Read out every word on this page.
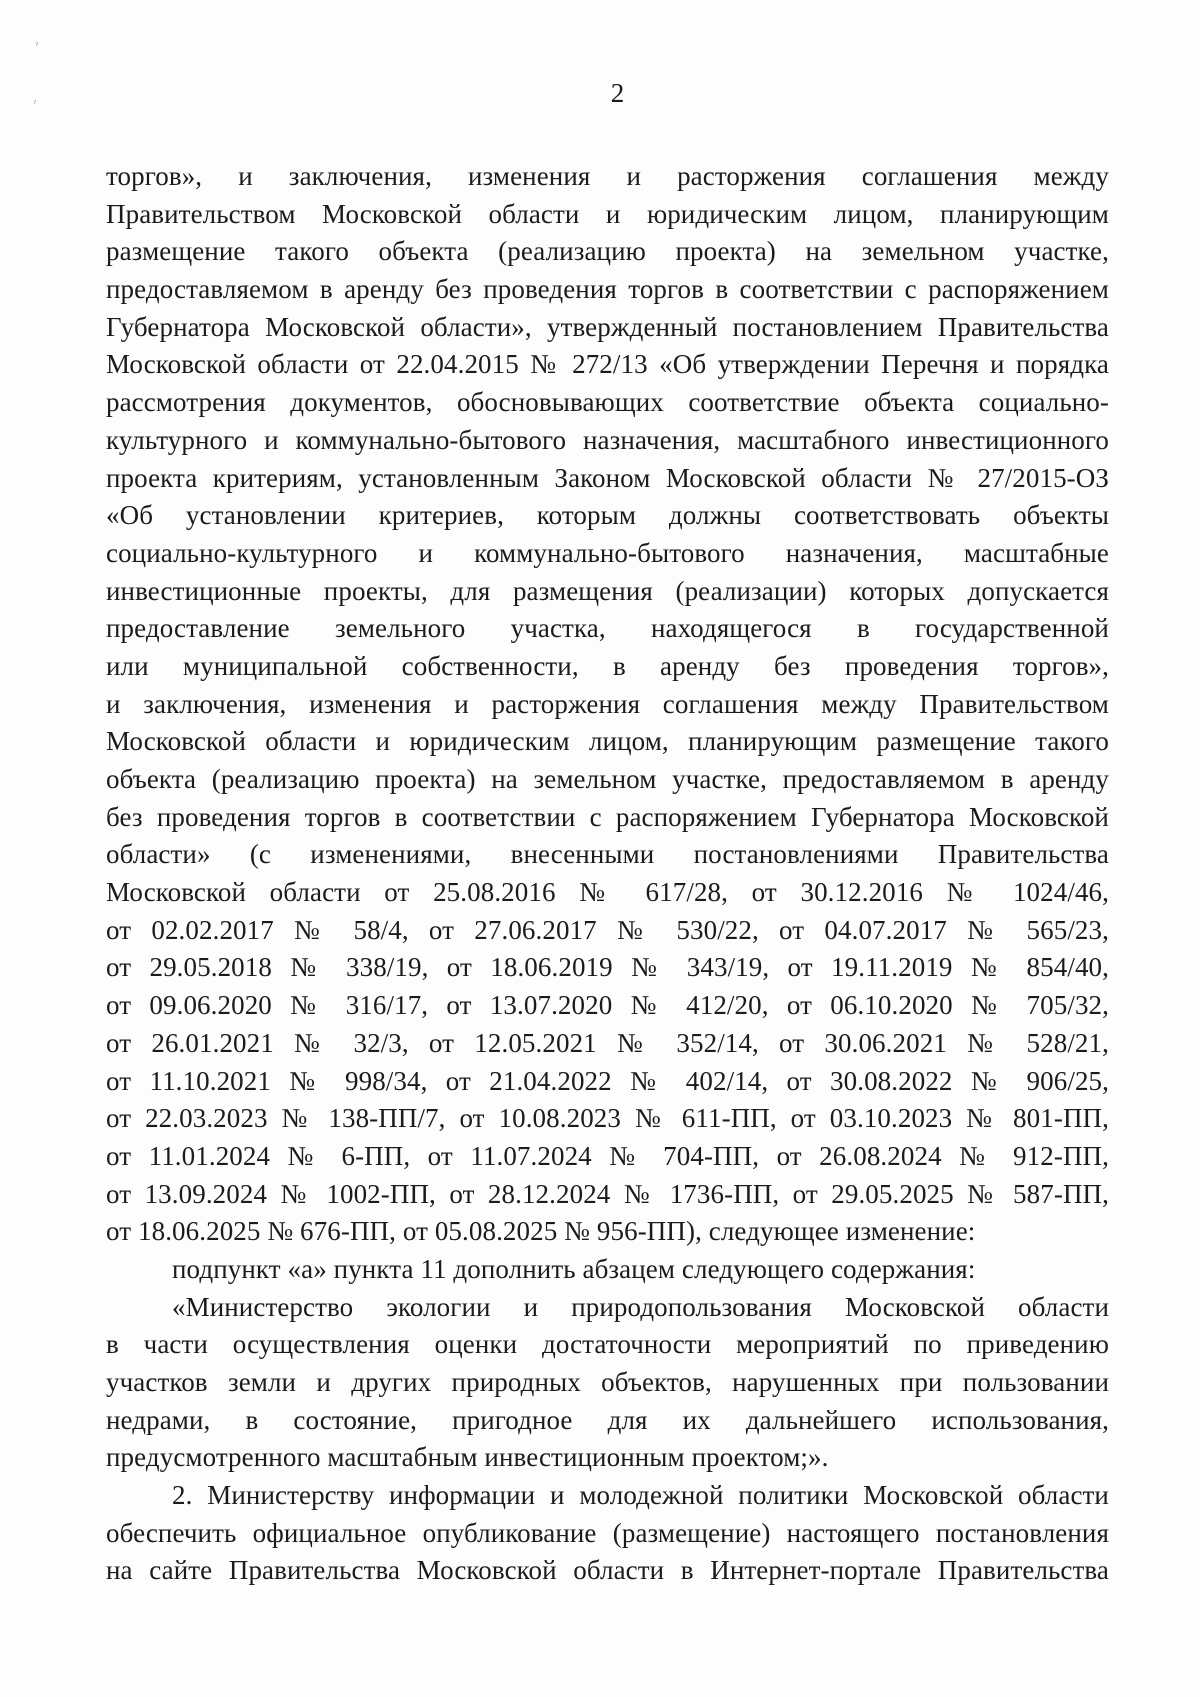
ˀ
ˀ	2
торгов», и заключения, изменения и расторжения соглашения между
Правительством Московской области и юридическим лицом, планирующим
размещение такого объекта (реализацию проекта) на земельном участке,
предоставляемом в аренду без проведения торгов в соответствии с распоряжением
Губернатора Московской области», утвержденный постановлением Правительства
Московской области от 22.04.2015 № 272/13 «Об утверждении Перечня и порядка
рассмотрения документов, обосновывающих соответствие объекта социально-
культурного и коммунально-бытового назначения, масштабного инвестиционного
проекта критериям, установленным Законом Московской области № 27/2015-ОЗ
«Об установлении критериев, которым должны соответствовать объекты
социально-культурного и коммунально-бытового назначения, масштабные
инвестиционные проекты, для размещения (реализации) которых допускается
предоставление земельного участка, находящегося в государственной
или муниципальной собственности, в аренду без проведения торгов»,
и заключения, изменения и расторжения соглашения между Правительством
Московской области и юридическим лицом, планирующим размещение такого
объекта (реализацию проекта) на земельном участке, предоставляемом в аренду
без проведения торгов в соответствии с распоряжением Губернатора Московской
области» (с изменениями, внесенными постановлениями Правительства
Московской области от 25.08.2016 № 617/28, от 30.12.2016 № 1024/46,
от 02.02.2017 № 58/4, от 27.06.2017 № 530/22, от 04.07.2017 № 565/23,
от 29.05.2018 № 338/19, от 18.06.2019 № 343/19, от 19.11.2019 № 854/40,
от 09.06.2020 № 316/17, от 13.07.2020 № 412/20, от 06.10.2020 № 705/32,
от 26.01.2021 № 32/3, от 12.05.2021 № 352/14, от 30.06.2021 № 528/21,
от 11.10.2021 № 998/34, от 21.04.2022 № 402/14, от 30.08.2022 № 906/25,
от 22.03.2023 № 138-ПП/7, от 10.08.2023 № 611-ПП, от 03.10.2023 № 801-ПП,
от 11.01.2024 № 6-ПП, от 11.07.2024 № 704-ПП, от 26.08.2024 № 912-ПП,
от 13.09.2024 № 1002-ПП, от 28.12.2024 № 1736-ПП, от 29.05.2025 № 587-ПП,
от 18.06.2025 № 676-ПП, от 05.08.2025 № 956-ПП), следующее изменение:
подпункт «а» пункта 11 дополнить абзацем следующего содержания:
«Министерство экологии и природопользования Московской области
в части осуществления оценки достаточности мероприятий по приведению
участков земли и других природных объектов, нарушенных при пользовании
недрами, в состояние, пригодное для их дальнейшего использования,
предусмотренного масштабным инвестиционным проектом;».
2. Министерству информации и молодежной политики Московской области
обеспечить официальное опубликование (размещение) настоящего постановления
на сайте Правительства Московской области в Интернет-портале Правительства
